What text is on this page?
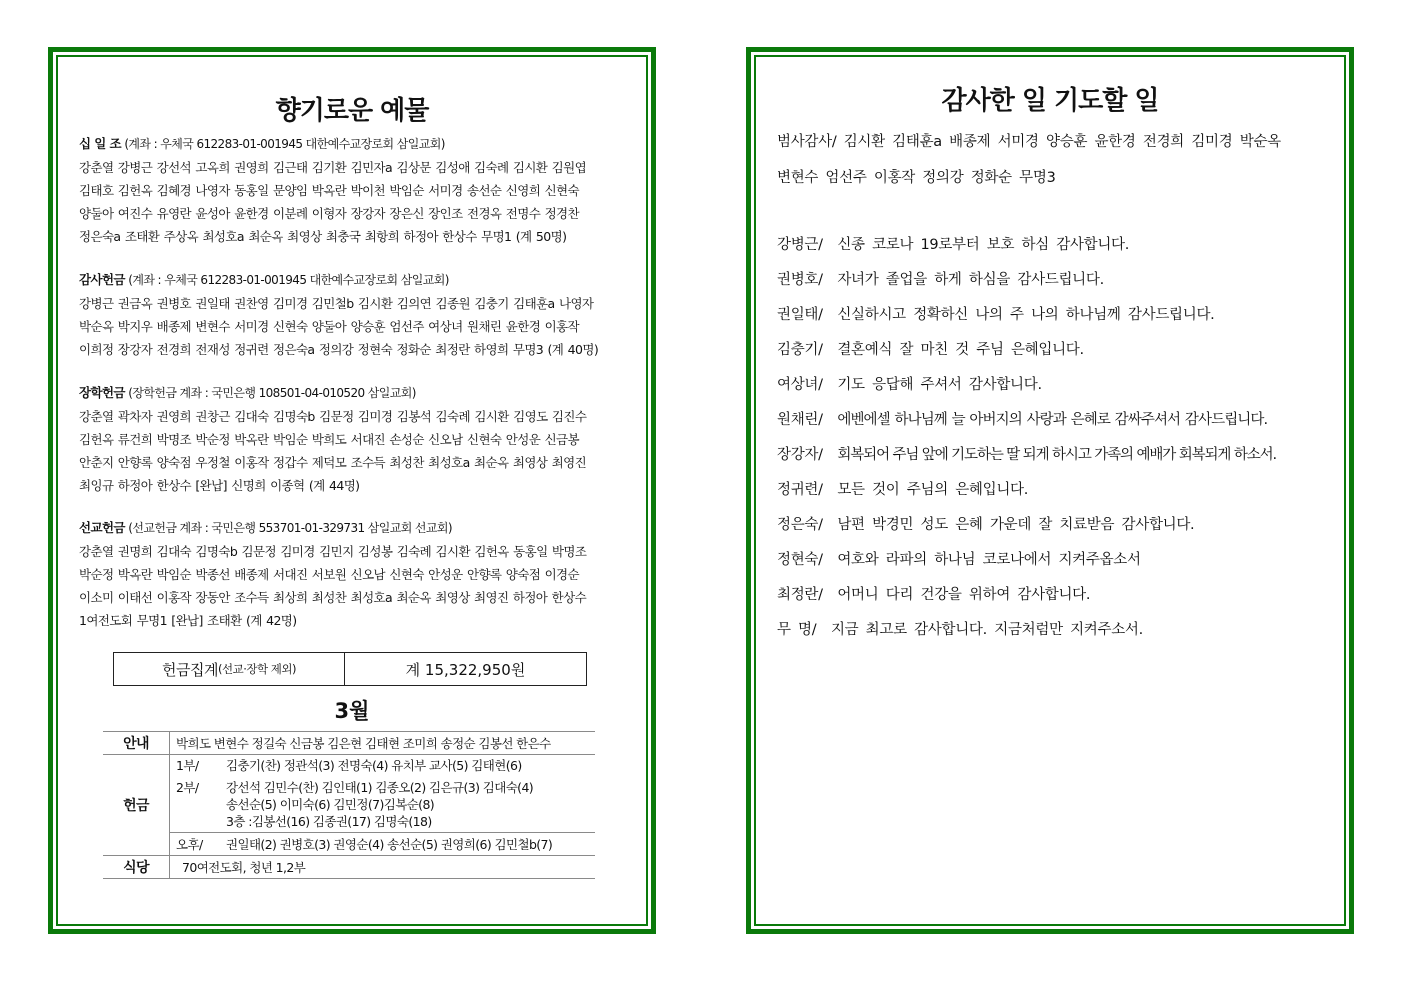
향기로운 예물
십 일 조 (계좌 : 우체국 612283-01-001945 대한예수교장로회 삼일교회)
강춘열 강병근 강선석 고옥희 권영희 김근태 김기환 김민자a 김상문 김성애 김숙례 김시환 김원엽
김태호 김헌옥 김혜경 나영자 동홍일 문양임 박옥란 박이천 박임순 서미경 송선순 신영희 신현숙
양둘아 여진수 유영란 윤성아 윤한경 이분례 이형자 장강자 장은신 장인조 전경옥 전명수 정경찬
정은숙a 조태환 주상옥 최성호a 최순옥 최영상 최충국 최항희 하정아 한상수 무명1 (계 50명)
감사헌금 (계좌 : 우체국 612283-01-001945 대한예수교장로회 삼일교회)
강병근 권금옥 권병호 권일태 권찬영 김미경 김민철b 김시환 김의연 김종원 김충기 김태훈a 나영자
박순옥 박지우 배종제 변현수 서미경 신현숙 양둘아 양승훈 엄선주 여상녀 원채린 윤한경 이홍작
이희정 장강자 전경희 전재성 정귀련 정은숙a 정의강 정현숙 정화순 최정란 하영희 무명3 (계 40명)
장학헌금 (장학헌금 계좌 : 국민은행 108501-04-010520 삼일교회)
강춘열 곽차자 권영희 권창근 김대숙 김명숙b 김문정 김미경 김봉석 김숙례 김시환 김영도 김진수
김헌옥 류건희 박명조 박순정 박옥란 박임순 박희도 서대진 손성순 신오남 신현숙 안성운 신금봉
안춘지 안향록 양숙점 우정철 이홍작 정갑수 제덕모 조수득 최성찬 최성호a 최순옥 최영상 최영진
최잉규 하정아 한상수 [완납] 신명희 이종혁 (계 44명)
선교헌금 (선교헌금 계좌 : 국민은행 553701-01-329731 삼일교회 선교회)
강춘열 권명희 김대숙 김명숙b 김문정 김미경 김민지 김성봉 김숙례 김시환 김헌옥 동홍일 박명조
박순정 박옥란 박임순 박종선 배종제 서대진 서보원 신오남 신현숙 안성운 안향록 양숙점 이경순
이소미 이태선 이홍작 장동안 조수득 최상희 최성찬 최성호a 최순옥 최영상 최영진 하정아 한상수
1여전도회 무명1 [완납] 조태환 (계 42명)
헌금집계 (선교·장학 제외)	계 15,322,950원
3월
안내	박희도 변현수 정길숙 신금봉 김은현 김태현 조미희 송정순 김봉선 한은수
헌금	
1부/	김충기(찬) 정관석(3) 전명숙(4) 유치부 교사(5) 김태현(6)
2부/	강선석 김민수(찬) 김인태(1) 김종오(2) 김은규(3) 김대숙(4)
송선순(5) 이미숙(6) 김민정(7)김복순(8)
3층 :김봉선(16) 김종권(17) 김명숙(18)

	오후/ 권일태(2) 권병호(3) 권영순(4) 송선순(5) 권영희(6) 김민철b(7)

식당	70여전도회, 청년 1,2부
감사한 일 기도할 일
범사감사/ 김시환 김태훈a 배종제 서미경 양승훈 윤한경 전경희 김미경 박순옥
변현수 엄선주 이홍작 정의강 정화순 무명3
강병근/ 신종 코로나 19로부터 보호 하심 감사합니다.
권병호/ 자녀가 졸업을 하게 하심을 감사드립니다.
권일태/ 신실하시고 정확하신 나의 주 나의 하나님께 감사드립니다.
김충기/ 결혼예식 잘 마친 것 주님 은혜입니다.
여상녀/ 기도 응답해 주셔서 감사합니다.
원채린/ 에벤에셀 하나님께 늘 아버지의 사랑과 은혜로 감싸주셔서 감사드립니다.
장강자/ 회복되어 주님 앞에 기도하는 딸 되게 하시고 가족의 예배가 회복되게 하소서.
정귀련/ 모든 것이 주님의 은혜입니다.
정은숙/ 남편 박경민 성도 은혜 가운데 잘 치료받음 감사합니다.
정현숙/ 여호와 라파의 하나님 코로나에서 지켜주옵소서
최정란/ 어머니 다리 건강을 위하여 감사합니다.
무 명/ 지금 최고로 감사합니다. 지금처럼만 지켜주소서.
